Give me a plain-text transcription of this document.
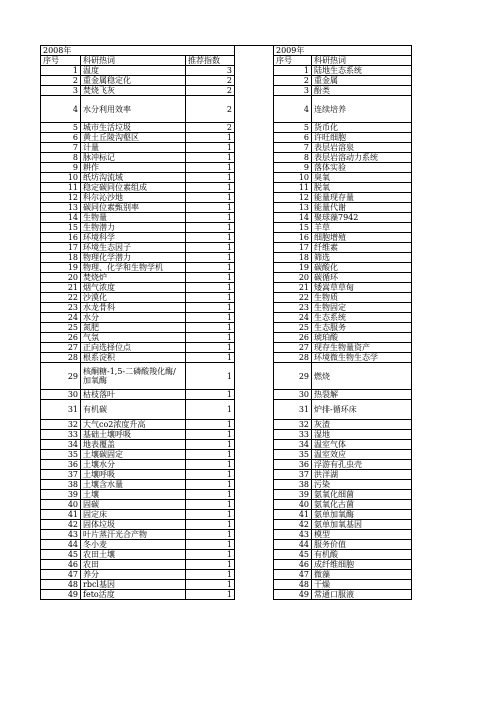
2008年				2009年	
序号	科研热词	推荐指数		序号	科研热词
1	温度	3		1	陆地生态系统
2	重金属稳定化	2		2	重金属
3	焚烧飞灰	2		3	酚类
4	水分利用效率	2		4	连续培养
5	城市生活垃圾	2		5	货币化
6	黄土丘陵沟壑区	1		6	许旺细胞
7	计量	1		7	表层岩溶泉
8	脉冲标记	1		8	表层岩溶动力系统
9	耕作	1		9	落体实验
10	纸坊沟流域	1		10	臭氧
11	稳定碳同位素组成	1		11	脱氧
12	科尔沁沙地	1		12	能量现存量
13	碳同位素甄别率	1		13	能量代谢
14	生物量	1		14	聚球藻7942
15	生物潜力	1		15	羊草
16	环境科学	1		16	细胞增殖
17	环境生态因子	1		17	纤维素
18	物理化学潜力	1		18	筛选
19	物理、化学和生物学机	1		19	碳酸化
20	焚烧炉	1		20	碳循环
21	烟气浓度	1		21	矮嵩草草甸
22	沙漠化	1		22	生物质
23	水龙骨科	1		23	生物固定
24	水分	1		24	生态系统
25	氮肥	1		25	生态服务
26	气氛	1		26	琥珀酸
27	正向选择位点	1		27	现存生物量资产
28	根系淀积	1		28	环境微生物生态学
29	核酮糖-1,5-二磷酸羧化酶/加氧酶	1		29	燃烧
30	枯枝落叶	1		30	热裂解
31	有机碳	1		31	炉排-循环床
32	大气co2浓度升高	1		32	灰渣
33	基础土壤呼吸	1		33	湿地
34	地表覆盖	1		34	温室气体
35	土壤碳固定	1		35	温室效应
36	土壤水分	1		36	浮游有孔虫壳
37	土壤呼吸	1		37	洪洋湖
38	土壤含水量	1		38	污染
39	土壤	1		39	氨氧化细菌
40	固碳	1		40	氨氧化古菌
41	固定床	1		41	氨单加氧酶
42	固体垃圾	1		42	氨单加氧基因
43	叶片蒸汗光合产物	1		43	模型
44	冬小麦	1		44	服务价值
45	农田土壤	1		45	有机酸
46	农田	1		46	成纤维细胞
47	养分	1		47	微藻
48	rbcl基因	1		48	干燥
49	feto活度	1		49	常通口服液
